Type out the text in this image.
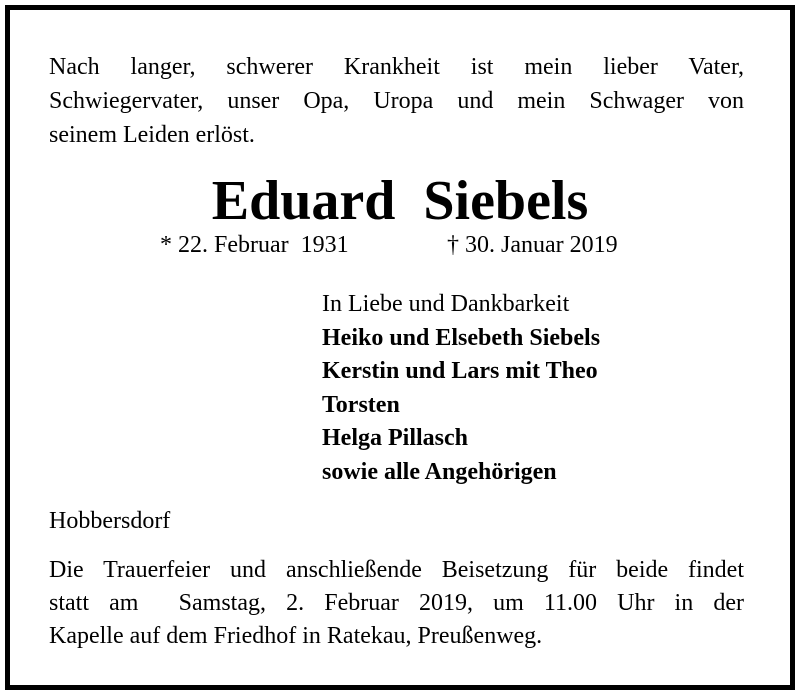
Nach langer, schwerer Krankheit ist mein lieber Vater,
Schwiegervater, unser Opa, Uropa und mein Schwager von
seinem Leiden erlöst.
Eduard Siebels
* 22. Februar  1931	† 30. Januar 2019
In Liebe und Dankbarkeit
Heiko und Elsebeth Siebels
Kerstin und Lars mit Theo
Torsten
Helga Pillasch
sowie alle Angehörigen
Hobbersdorf
Die Trauerfeier und anschließende Beisetzung für beide findet
statt am  Samstag, 2. Februar 2019, um 11.00 Uhr in der
Kapelle auf dem Friedhof in Ratekau, Preußenweg.
